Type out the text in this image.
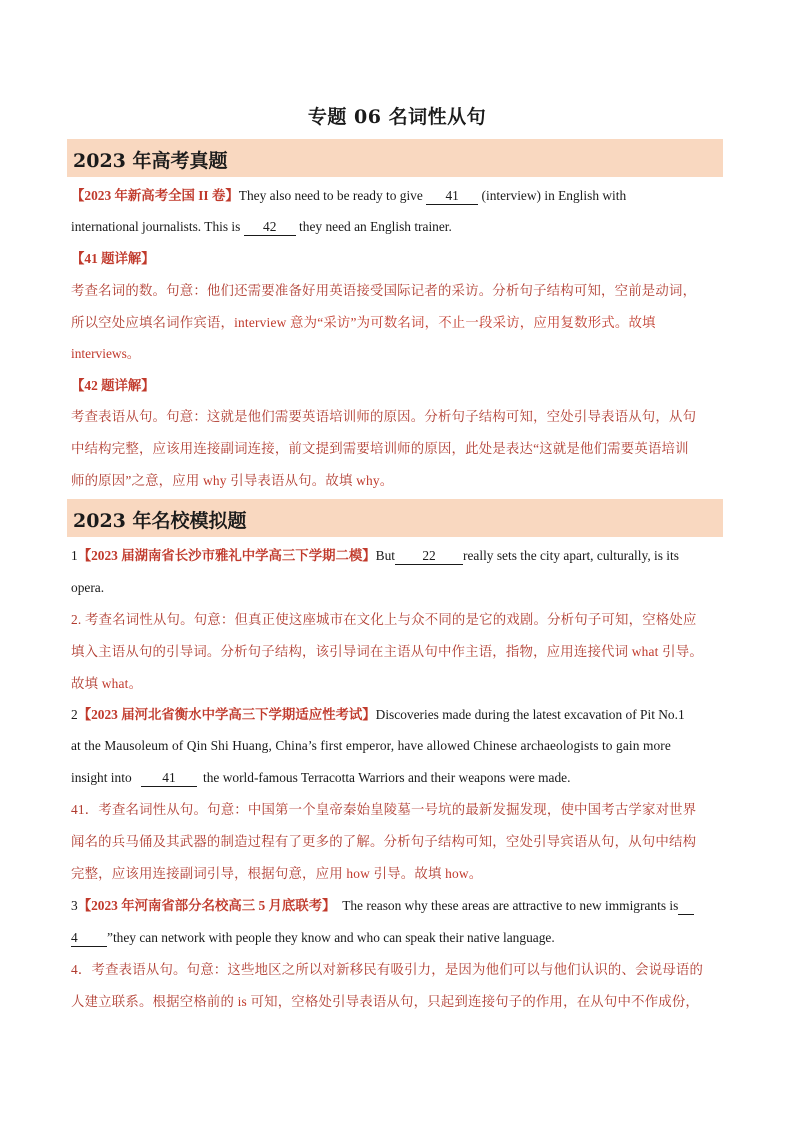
专题 06 名词性从句
2023 年高考真题
【2023 年新高考全国 II 卷】They also need to be ready to give 41 (interview) in English with
international journalists. This is 42 they need an English trainer.
【41 题详解】
考查名词的数。句意：他们还需要准备好用英语接受国际记者的采访。分析句子结构可知，空前是动词，
所以空处应填名词作宾语，interview 意为“采访”为可数名词，不止一段采访，应用复数形式。故填
interviews。
【42 题详解】
考查表语从句。句意：这就是他们需要英语培训师的原因。分析句子结构可知，空处引导表语从句，从句
中结构完整，应该用连接副词连接，前文提到需要培训师的原因，此处是表达“这就是他们需要英语培训
师的原因”之意，应用 why 引导表语从句。故填 why。
2023 年名校模拟题
1【2023 届湖南省长沙市雅礼中学高三下学期二模】But 22 really sets the city apart, culturally, is its
opera.
2. 考查名词性从句。句意：但真正使这座城市在文化上与众不同的是它的戏剧。分析句子可知，空格处应
填入主语从句的引导词。分析句子结构，该引导词在主语从句中作主语，指物，应用连接代词 what 引导。
故填 what。
2【2023 届河北省衡水中学高三下学期适应性考试】Discoveries made during the latest excavation of Pit No.1
at the Mausoleum of Qin Shi Huang, China’s first emperor, have allowed Chinese archaeologists to gain more
insight into 41 the world-famous Terracotta Warriors and their weapons were made.
41．考查名词性从句。句意：中国第一个皇帝秦始皇陵墓一号坑的最新发掘发现，使中国考古学家对世界
闻名的兵马俑及其武器的制造过程有了更多的了解。分析句子结构可知，空处引导宾语从句，从句中结构
完整，应该用连接副词引导，根据句意，应用 how 引导。故填 how。
3【2023 年河南省部分名校高三 5 月底联考】 The reason why these areas are attractive to new immigrants is
4 ”they can network with people they know and who can speak their native language.
4．考查表语从句。句意：这些地区之所以对新移民有吸引力，是因为他们可以与他们认识的、会说母语的
人建立联系。根据空格前的 is 可知，空格处引导表语从句，只起到连接句子的作用，在从句中不作成份，
